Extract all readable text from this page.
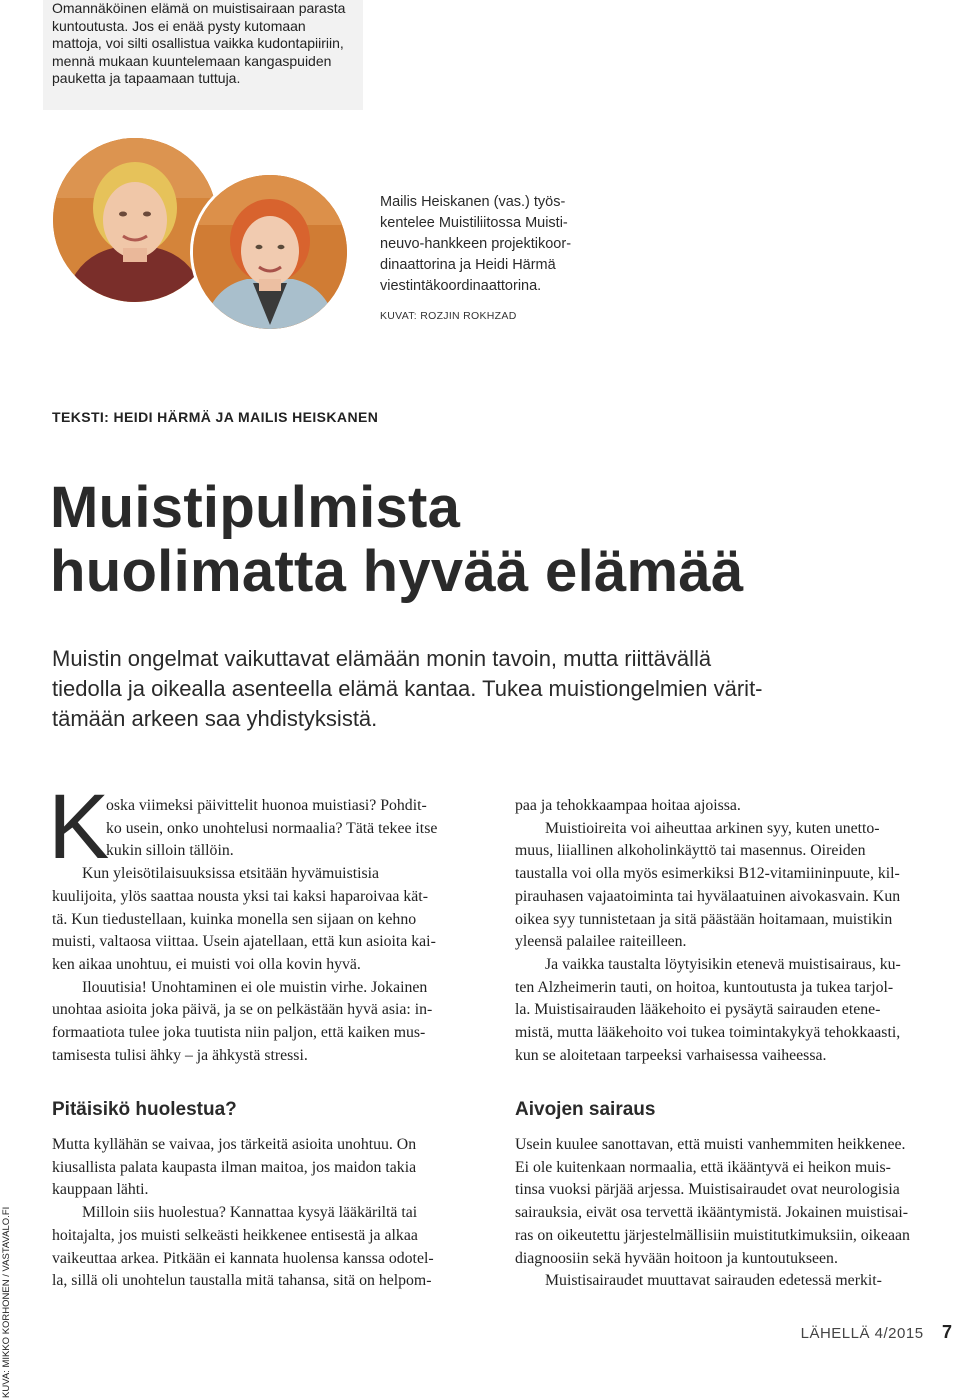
Omannäköinen elämä on muistisairaan parasta
kuntoutusta. Jos ei enää pysty kutomaan
mattoja, voi silti osallistua vaikka kudontapiiriin,
mennä mukaan kuuntelemaan kangaspuiden
pauketta ja tapaamaan tuttuja.

Mailis Heiskanen (vas.) työs-
kentelee Muistiliitossa Muisti-
neuvo-hankkeen projektikoor-
dinaattorina ja Heidi Härmä
viestintäkoordinaattorina.

KUVAT: ROZJIN ROKHZAD
TEKSTI: HEIDI HÄRMÄ JA MAILIS HEISKANEN
Muistipulmista
huolimatta hyvää elämää

Muistin ongelmat vaikuttavat elämään monin tavoin, mutta riittävällä
tiedolla ja oikealla asenteella elämä kantaa. Tukea muistiongelmien värit-
tämään arkeen saa yhdistyksistä.

K

oska viimeksi päivittelit huonoa muistiasi? Pohdit-
ko usein, onko unohtelusi normaalia? Tätä tekee itse
kukin silloin tällöin.

Kun yleisötilaisuuksissa etsitään hyvämuistisia
kuulijoita, ylös saattaa nousta yksi tai kaksi haparoivaa kät-
tä. Kun tiedustellaan, kuinka monella sen sijaan on kehno
muisti, valtaosa viittaa. Usein ajatellaan, että kun asioita kai-
ken aikaa unohtuu, ei muisti voi olla kovin hyvä.

Ilouutisia! Unohtaminen ei ole muistin virhe. Jokainen
unohtaa asioita joka päivä, ja se on pelkästään hyvä asia: in-
formaatiota tulee joka tuutista niin paljon, että kaiken mus-
tamisesta tulisi ähky – ja ähkystä stressi.

paa ja tehokkaampaa hoitaa ajoissa.

Muistioireita voi aiheuttaa arkinen syy, kuten unetto-
muus, liiallinen alkoholinkäyttö tai masennus. Oireiden
taustalla voi olla myös esimerkiksi B12-vitamiininpuute, kil-
pirauhasen vajaatoiminta tai hyvälaatuinen aivokasvain. Kun
oikea syy tunnistetaan ja sitä päästään hoitamaan, muistikin
yleensä palailee raiteilleen.

Ja vaikka taustalta löytyisikin etenevä muistisairaus, ku-
ten Alzheimerin tauti, on hoitoa, kuntoutusta ja tukea tarjol-
la. Muistisairauden lääkehoito ei pysäytä sairauden etene-
mistä, mutta lääkehoito voi tukea toimintakykyä tehokkaasti,
kun se aloitetaan tarpeeksi varhaisessa vaiheessa.

Pitäisikö huolestua?	Aivojen sairaus

Mutta kyllähän se vaivaa, jos tärkeitä asioita unohtuu. On
kiusallista palata kaupasta ilman maitoa, jos maidon takia
kauppaan lähti.

Milloin siis huolestua? Kannattaa kysyä lääkäriltä tai
hoitajalta, jos muisti selkeästi heikkenee entisestä ja alkaa
vaikeuttaa arkea. Pitkään ei kannata huolensa kanssa odotel-
la, sillä oli unohtelun taustalla mitä tahansa, sitä on helpom-

Usein kuulee sanottavan, että muisti vanhemmiten heikkenee.
Ei ole kuitenkaan normaalia, että ikääntyvä ei heikon muis-
tinsa vuoksi pärjää arjessa. Muistisairaudet ovat neurologisia
sairauksia, eivät osa tervettä ikääntymistä. Jokainen muistisai-
ras on oikeutettu järjestelmällisiin muistitutkimuksiin, oikeaan
diagnoosiin sekä hyvään hoitoon ja kuntoutukseen.

Muistisairaudet muuttavat sairauden edetessä merkit-

KUVA: MIKKO KORHONEN / VASTAVALO.FI	LÄHELLÄ 4/2015 7
